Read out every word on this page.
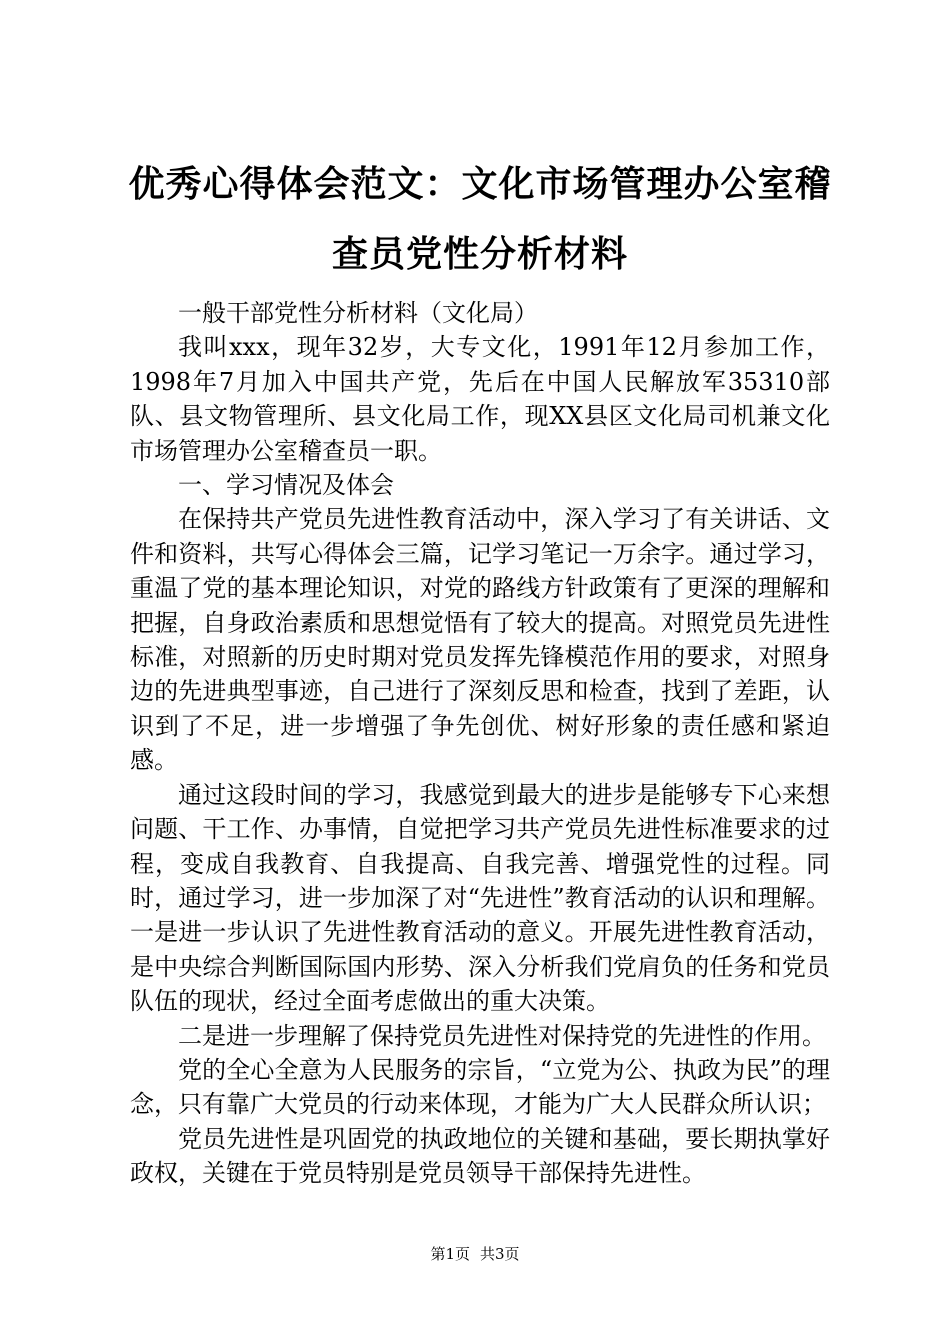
优秀心得体会范文：文化市场管理办公室稽查员党性分析材料

一般干部党性分析材料（文化局）

我叫xxx，现年32岁，大专文化，1991年12月参加工作，1998年7月加入中国共产党，先后在中国人民解放军35310部队、县文物管理所、县文化局工作，现XX县区文化局司机兼文化市场管理办公室稽查员一职。

一、学习情况及体会

在保持共产党员先进性教育活动中，深入学习了有关讲话、文件和资料，共写心得体会三篇，记学习笔记一万余字。通过学习，重温了党的基本理论知识，对党的路线方针政策有了更深的理解和把握，自身政治素质和思想觉悟有了较大的提高。对照党员先进性标准，对照新的历史时期对党员发挥先锋模范作用的要求，对照身边的先进典型事迹，自己进行了深刻反思和检查，找到了差距，认识到了不足，进一步增强了争先创优、树好形象的责任感和紧迫感。

通过这段时间的学习，我感觉到最大的进步是能够专下心来想问题、干工作、办事情，自觉把学习共产党员先进性标准要求的过程，变成自我教育、自我提高、自我完善、增强党性的过程。同时，通过学习，进一步加深了对“先进性”教育活动的认识和理解。一是进一步认识了先进性教育活动的意义。开展先进性教育活动，是中央综合判断国际国内形势、深入分析我们党肩负的任务和党员队伍的现状，经过全面考虑做出的重大决策。

二是进一步理解了保持党员先进性对保持党的先进性的作用。

党的全心全意为人民服务的宗旨，“立党为公、执政为民”的理念，只有靠广大党员的行动来体现，才能为广大人民群众所认识；

党员先进性是巩固党的执政地位的关键和基础，要长期执掌好政权，关键在于党员特别是党员领导干部保持先进性。

第1页 共3页
